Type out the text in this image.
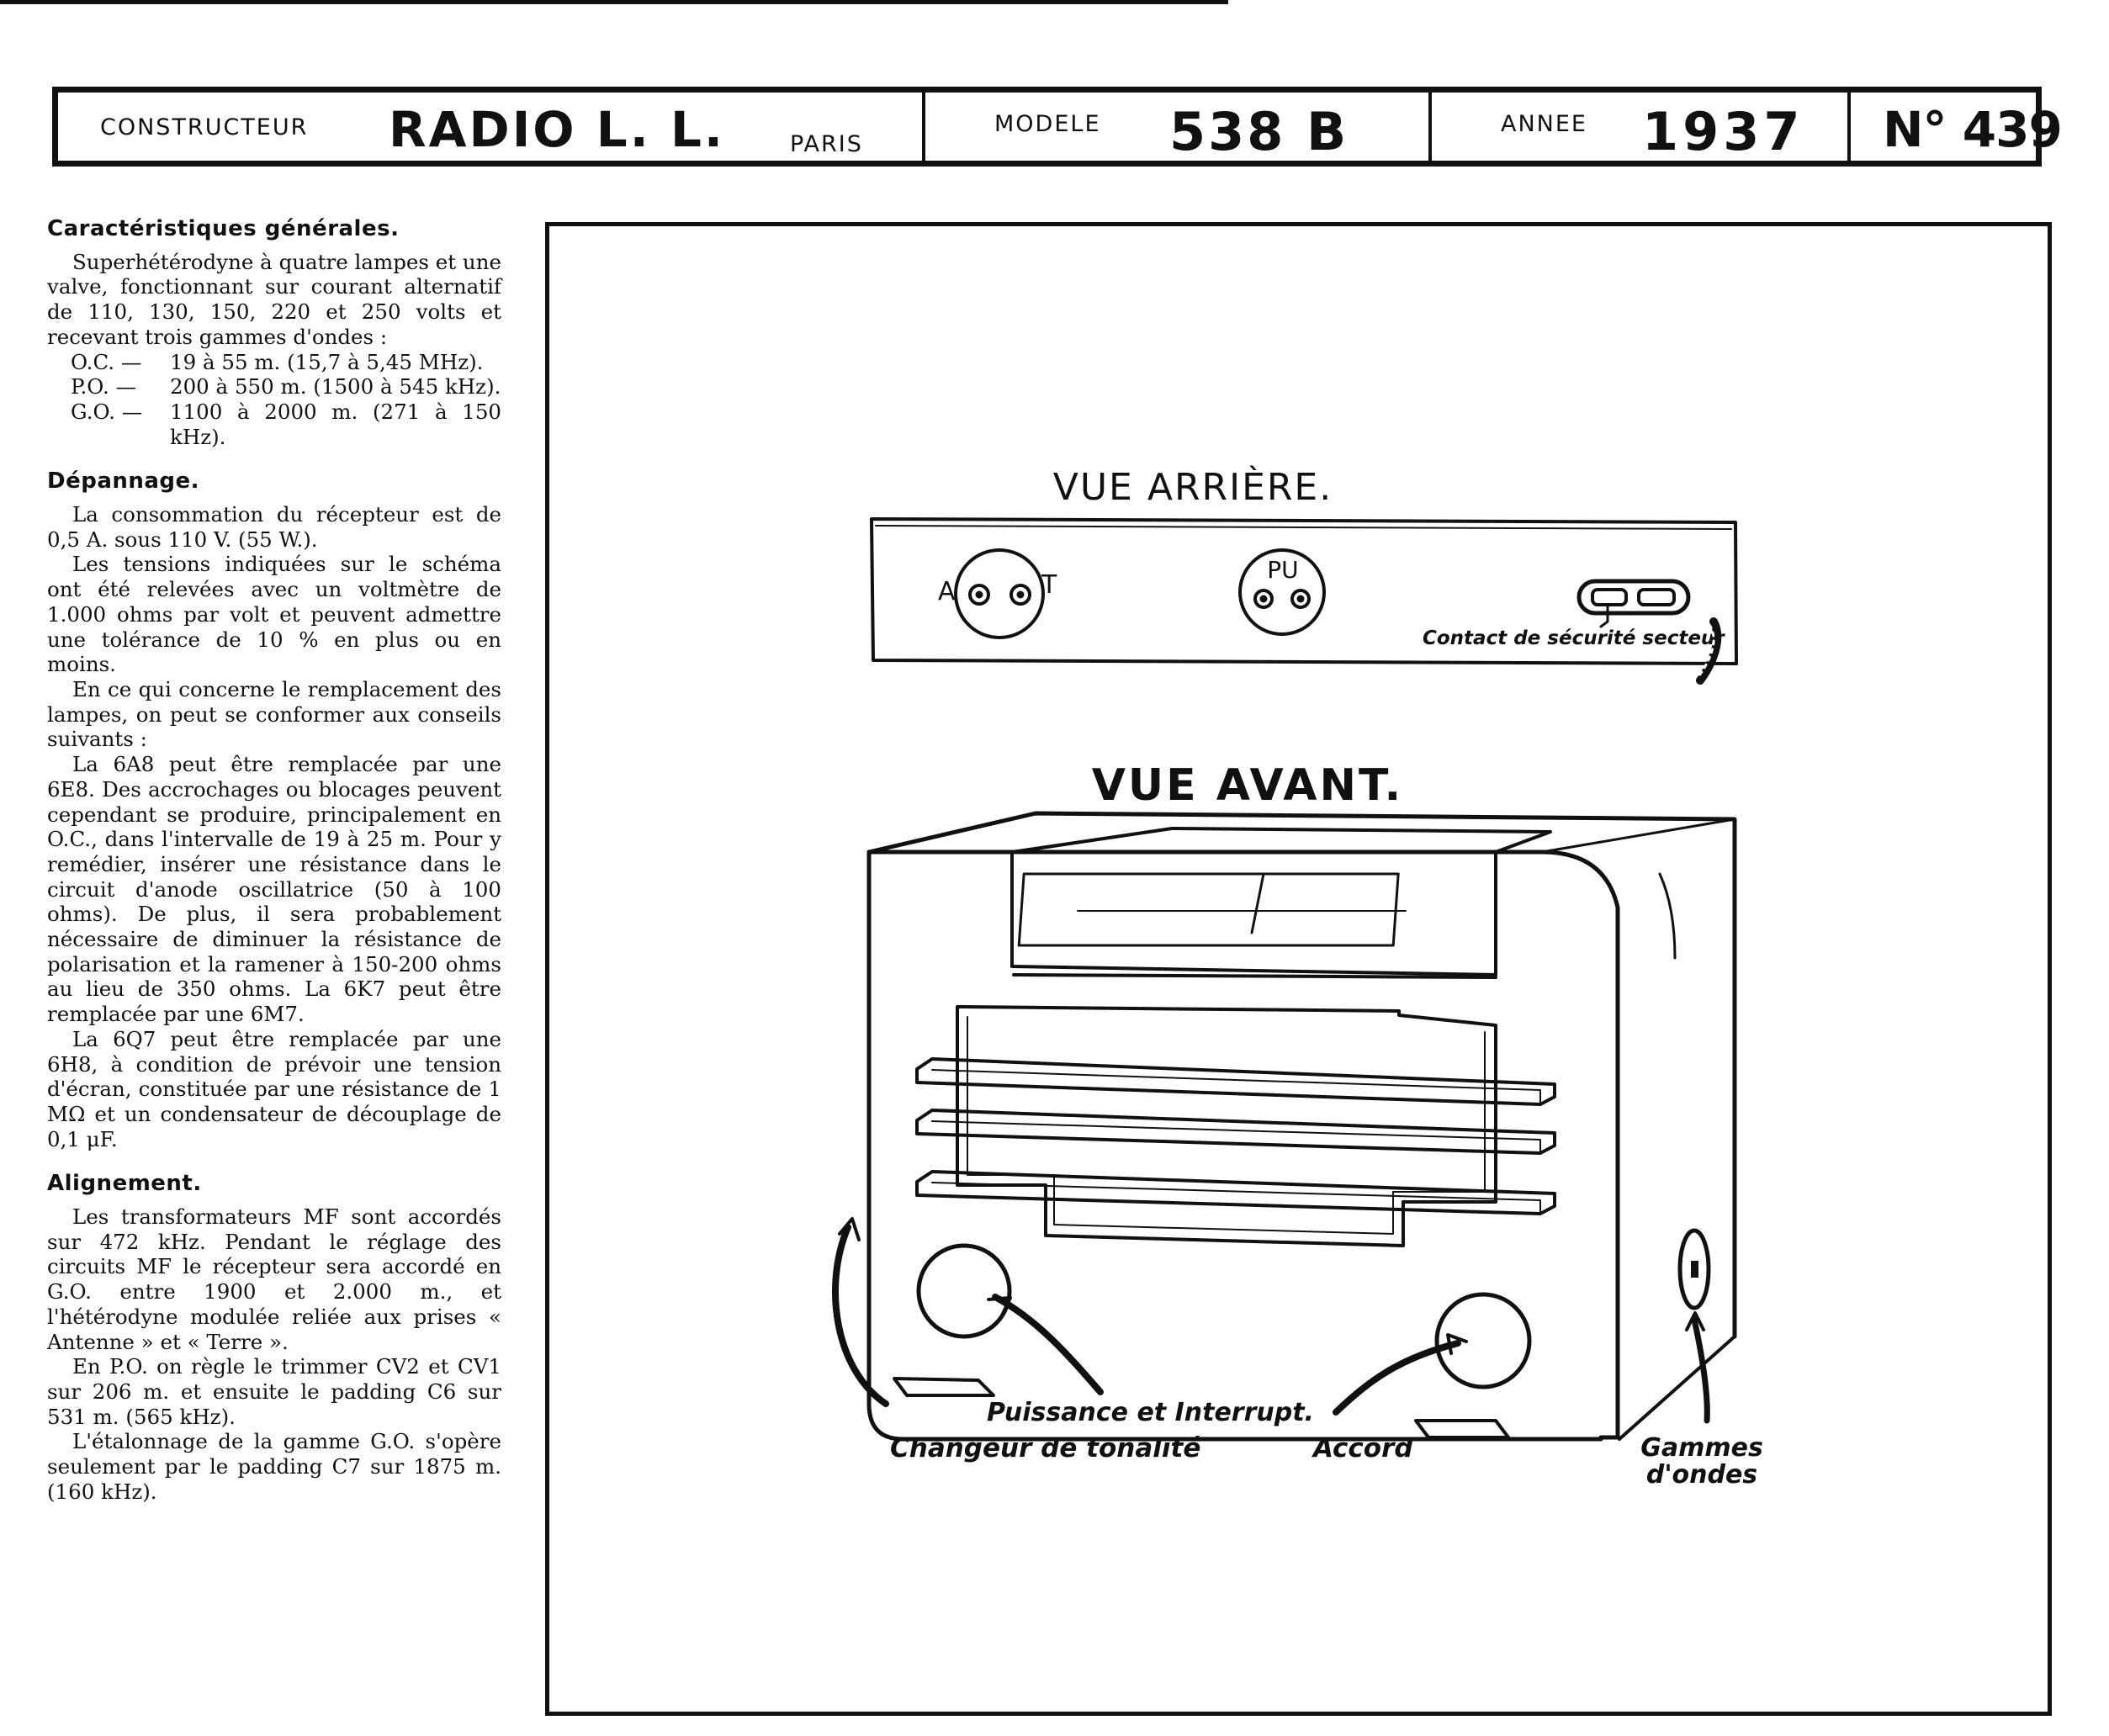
CONSTRUCTEUR RADIO L. L.	PARIS
MODELE 538 B	ANNEE 1937 N° 439
Caractéristiques générales.

Superhétérodyne à quatre lampes et une valve, fonctionnant sur courant alternatif de 110, 130, 150, 220 et 250 volts et recevant trois gammes d'ondes :

O.C. — 19 à 55 m. (15,7 à 5,45 MHz).

P.O. — 200 à 550 m. (1500 à 545 kHz).

G.O. — 1100 à 2000 m. (271 à 150 kHz).

Dépannage.

La consommation du récepteur est de 0,5 A. sous 110 V. (55 W.).

Les tensions indiquées sur le schéma ont été relevées avec un voltmètre de 1.000 ohms par volt et peuvent admettre une tolérance de 10 % en plus ou en moins.

En ce qui concerne le remplacement des lampes, on peut se conformer aux conseils suivants :

La 6A8 peut être remplacée par une 6E8. Des accrochages ou blocages peuvent cependant se produire, principalement en O.C., dans l'intervalle de 19 à 25 m. Pour y remédier, insérer une résistance dans le circuit d'anode oscillatrice (50 à 100 ohms). De plus, il sera probablement nécessaire de diminuer la résistance de polarisation et la ramener à 150-200 ohms au lieu de 350 ohms. La 6K7 peut être remplacée par une 6M7.

La 6Q7 peut être remplacée par une 6H8, à condition de prévoir une tension d'écran, constituée par une résistance de 1 MΩ et un condensateur de découplage de 0,1 μF.

Alignement.

Les transformateurs MF sont accordés sur 472 kHz. Pendant le réglage des circuits MF le récepteur sera accordé en G.O. entre 1900 et 2.000 m., et l'hétérodyne modulée reliée aux prises « Antenne » et « Terre ».

En P.O. on règle le trimmer CV2 et CV1 sur 206 m. et ensuite le padding C6 sur 531 m. (565 kHz).

L'étalonnage de la gamme G.O. s'opère seulement par le padding C7 sur 1875 m. (160 kHz).

VUE ARRIÈRE.
A	T
PU
Contact de sécurité secteur
VUE AVANT.
Puissance et Interrupt.
Changeur de tonalité	Accord	Gammes
d'ondes
